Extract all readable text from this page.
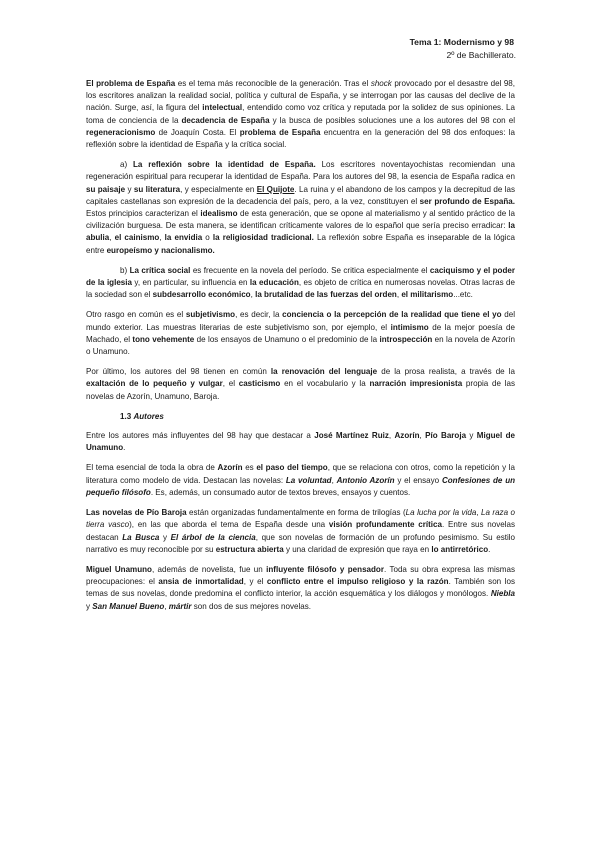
Tema 1: Modernismo y 98
2º de Bachillerato.

El problema de España es el tema más reconocible de la generación. Tras el shock provocado por el desastre del 98, los escritores analizan la realidad social, política y cultural de España, y se interrogan por las causas del declive de la nación. Surge, así, la figura del intelectual, entendido como voz crítica y reputada por la solidez de sus opiniones. La toma de conciencia de la decadencia de España y la busca de posibles soluciones une a los autores del 98 con el regeneracionismo de Joaquín Costa. El problema de España encuentra en la generación del 98 dos enfoques: la reflexión sobre la identidad de España y la crítica social.

a) La reflexión sobre la identidad de España. Los escritores noventayochistas recomiendan una regeneración espiritual para recuperar la identidad de España. Para los autores del 98, la esencia de España radica en su paisaje y su literatura, y especialmente en El Quijote. La ruina y el abandono de los campos y la decrepitud de las capitales castellanas son expresión de la decadencia del país, pero, a la vez, constituyen el ser profundo de España. Estos principios caracterizan el idealismo de esta generación, que se opone al materialismo y al sentido práctico de la civilización burguesa. De esta manera, se identifican críticamente valores de lo español que sería preciso erradicar: la abulia, el cainismo, la envidia o la religiosidad tradicional. La reflexión sobre España es inseparable de la lógica entre europeísmo y nacionalismo.

b) La crítica social es frecuente en la novela del período. Se critica especialmente el caciquismo y el poder de la iglesia y, en particular, su influencia en la educación, es objeto de crítica en numerosas novelas. Otras lacras de la sociedad son el subdesarrollo económico, la brutalidad de las fuerzas del orden, el militarismo...etc.

Otro rasgo en común es el subjetivismo, es decir, la conciencia o la percepción de la realidad que tiene el yo del mundo exterior. Las muestras literarias de este subjetivismo son, por ejemplo, el intimismo de la mejor poesía de Machado, el tono vehemente de los ensayos de Unamuno o el predominio de la introspección en la novela de Azorín o Unamuno.

Por último, los autores del 98 tienen en común la renovación del lenguaje de la prosa realista, a través de la exaltación de lo pequeño y vulgar, el casticismo en el vocabulario y la narración impresionista propia de las novelas de Azorín, Unamuno, Baroja.

1.3 Autores

Entre los autores más influyentes del 98 hay que destacar a José Martínez Ruiz, Azorín, Pío Baroja y Miguel de Unamuno.

El tema esencial de toda la obra de Azorín es el paso del tiempo, que se relaciona con otros, como la repetición y la literatura como modelo de vida. Destacan las novelas: La voluntad, Antonio Azorín y el ensayo Confesiones de un pequeño filósofo. Es, además, un consumado autor de textos breves, ensayos y cuentos.

Las novelas de Pío Baroja están organizadas fundamentalmente en forma de trilogías (La lucha por la vida, La raza o tierra vasco), en las que aborda el tema de España desde una visión profundamente crítica. Entre sus novelas destacan La Busca y El árbol de la ciencia, que son novelas de formación de un profundo pesimismo. Su estilo narrativo es muy reconocible por su estructura abierta y una claridad de expresión que raya en lo antirretórico.

Miguel Unamuno, además de novelista, fue un influyente filósofo y pensador. Toda su obra expresa las mismas preocupaciones: el ansia de inmortalidad, y el conflicto entre el impulso religioso y la razón. También son los temas de sus novelas, donde predomina el conflicto interior, la acción esquemática y los diálogos y monólogos. Niebla y San Manuel Bueno, mártir son dos de sus mejores novelas.
